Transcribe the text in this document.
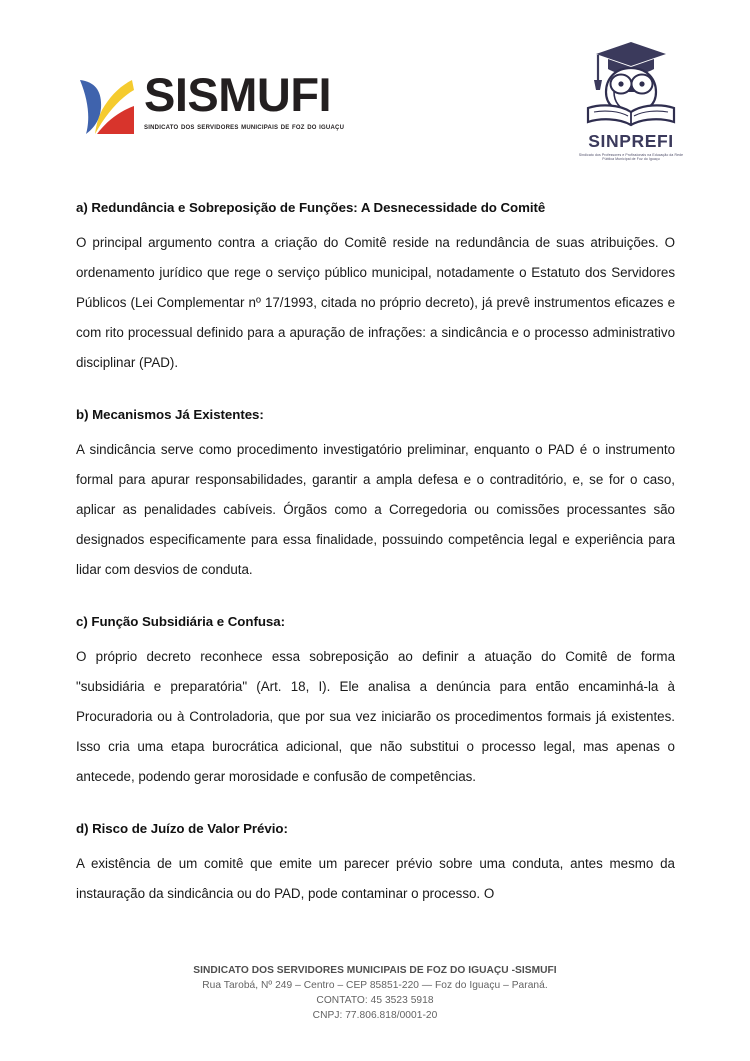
SISMUFI
sindicato dos servidores municipais de foz do iguaçu
SINPREFI
Sindicato dos Professores e Profissionais na Educação da Rede Pública Municipal de Foz do Iguaçu

a) Redundância e Sobreposição de Funções: A Desnecessidade do Comitê

O principal argumento contra a criação do Comitê reside na redundância de suas atribuições. O ordenamento jurídico que rege o serviço público municipal, notadamente o Estatuto dos Servidores Públicos (Lei Complementar nº 17/1993, citada no próprio decreto), já prevê instrumentos eficazes e com rito processual definido para a apuração de infrações: a sindicância e o processo administrativo disciplinar (PAD).

b) Mecanismos Já Existentes:

A sindicância serve como procedimento investigatório preliminar, enquanto o PAD é o instrumento formal para apurar responsabilidades, garantir a ampla defesa e o contraditório, e, se for o caso, aplicar as penalidades cabíveis. Órgãos como a Corregedoria ou comissões processantes são designados especificamente para essa finalidade, possuindo competência legal e experiência para lidar com desvios de conduta.

c) Função Subsidiária e Confusa:

O próprio decreto reconhece essa sobreposição ao definir a atuação do Comitê de forma "subsidiária e preparatória" (Art. 18, I). Ele analisa a denúncia para então encaminhá-la à Procuradoria ou à Controladoria, que por sua vez iniciarão os procedimentos formais já existentes. Isso cria uma etapa burocrática adicional, que não substitui o processo legal, mas apenas o antecede, podendo gerar morosidade e confusão de competências.

d) Risco de Juízo de Valor Prévio:

A existência de um comitê que emite um parecer prévio sobre uma conduta, antes mesmo da instauração da sindicância ou do PAD, pode contaminar o processo. O

SINDICATO DOS SERVIDORES MUNICIPAIS DE FOZ DO IGUAÇU -SISMUFI
Rua Tarobá, Nº 249 – Centro – CEP 85851-220 — Foz do Iguaçu – Paraná.
CONTATO: 45 3523 5918
CNPJ: 77.806.818/0001-20
